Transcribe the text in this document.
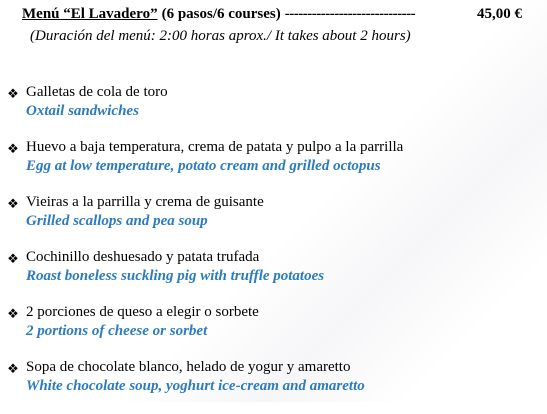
Menú “El Lavadero” (6 pasos/6 courses) -----------------------------	45,00 €
(Duración del menú: 2:00 horas aprox./ It takes about 2 hours)
❖ Galletas de cola de toro
Oxtail sandwiches
❖ Huevo a baja temperatura, crema de patata y pulpo a la parrilla
Egg at low temperature, potato cream and grilled octopus
❖ Vieiras a la parrilla y crema de guisante
Grilled scallops and pea soup
❖ Cochinillo deshuesado y patata trufada
Roast boneless suckling pig with truffle potatoes
❖ 2 porciones de queso a elegir o sorbete
2 portions of cheese or sorbet
❖ Sopa de chocolate blanco, helado de yogur y amaretto
White chocolate soup, yoghurt ice-cream and amaretto
